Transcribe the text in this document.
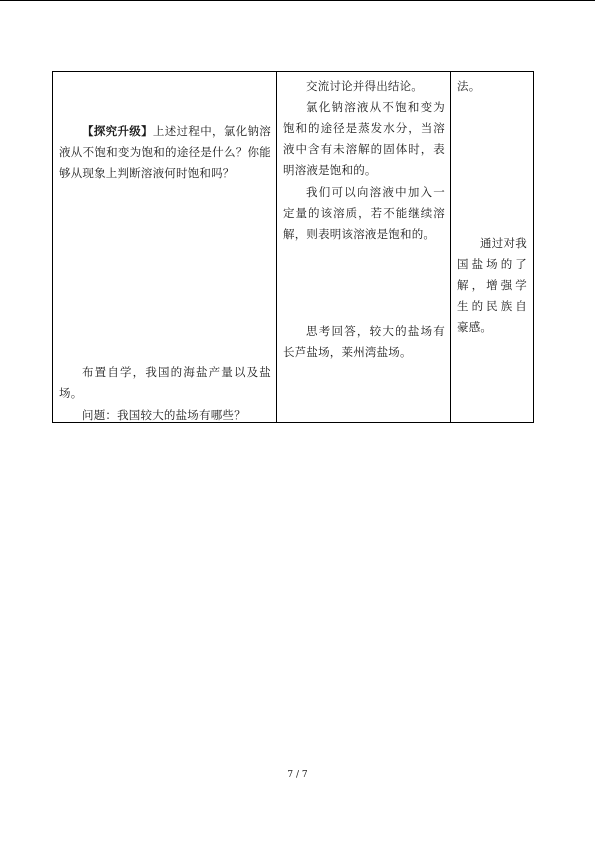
【探究升级】上述过程中，氯化钠溶液从不饱和变为饱和的途径是什么？你能够从现象上判断溶液何时饱和吗？

布置自学，我国的海盐产量以及盐场。

问题：我国较大的盐场有哪些？

交流讨论并得出结论。

氯化钠溶液从不饱和变为饱和的途径是蒸发水分，当溶液中含有未溶解的固体时，表明溶液是饱和的。

我们可以向溶液中加入一定量的该溶质，若不能继续溶解，则表明该溶液是饱和的。

思考回答，较大的盐场有长芦盐场，莱州湾盐场。

法。

通过对我国盐场的了解，增强学生的民族自豪感。

7 / 7
